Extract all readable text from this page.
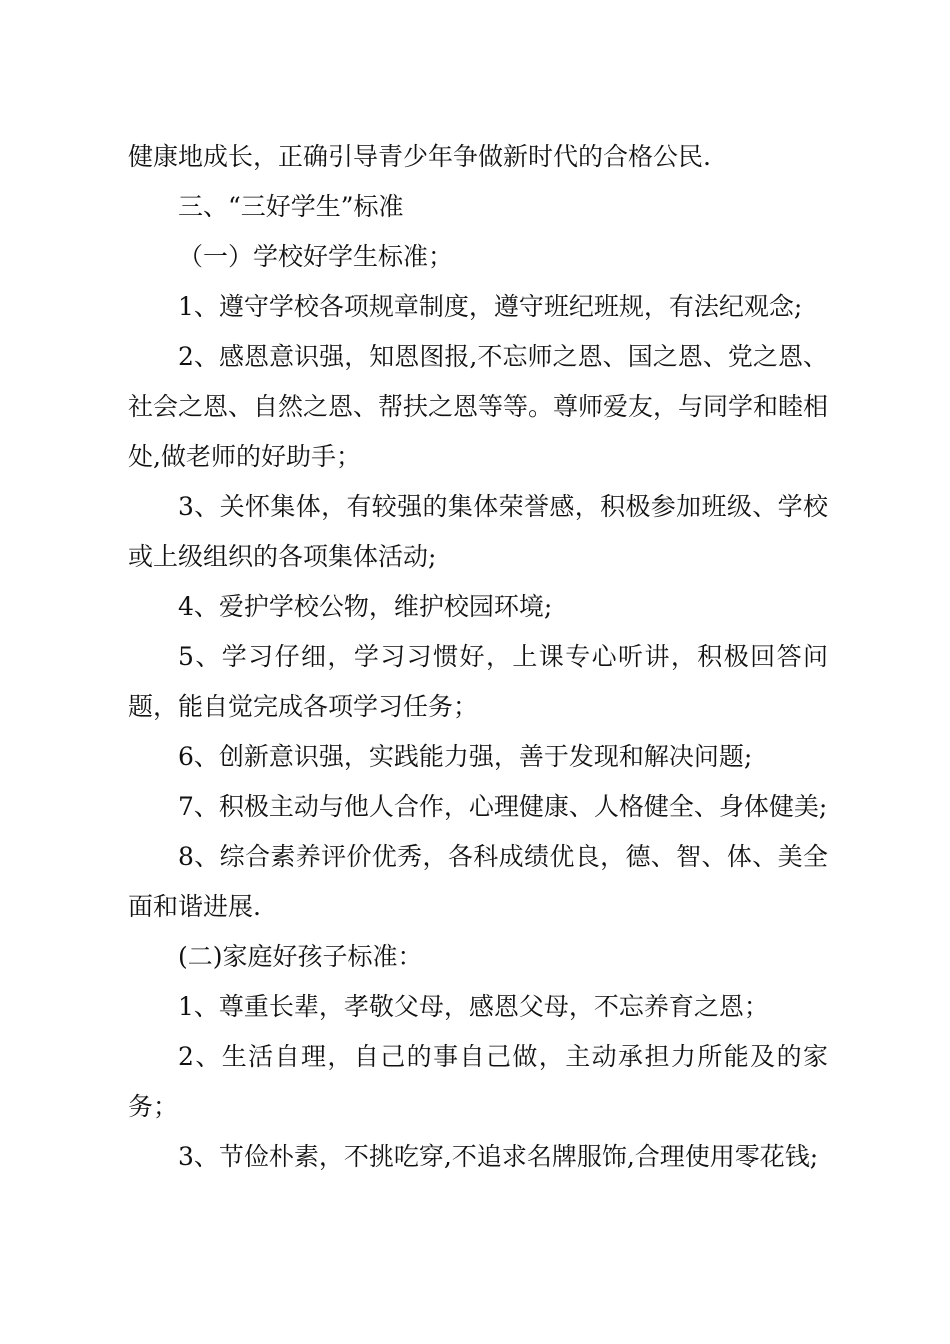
健康地成长，正确引导青少年争做新时代的合格公民.

三、“三好学生”标准

（一）学校好学生标准；

1、遵守学校各项规章制度，遵守班纪班规，有法纪观念;

2、感恩意识强，知恩图报,不忘师之恩、国之恩、党之恩、社会之恩、自然之恩、帮扶之恩等等。尊师爱友，与同学和睦相处,做老师的好助手；

3、关怀集体，有较强的集体荣誉感，积极参加班级、学校或上级组织的各项集体活动;

4、爱护学校公物，维护校园环境;

5、学习仔细，学习习惯好，上课专心听讲，积极回答问题，能自觉完成各项学习任务；

6、创新意识强，实践能力强，善于发现和解决问题;

7、积极主动与他人合作，心理健康、人格健全、身体健美;

8、综合素养评价优秀，各科成绩优良，德、智、体、美全面和谐进展.

(二)家庭好孩子标准：

1、尊重长辈，孝敬父母，感恩父母，不忘养育之恩；

2、生活自理，自己的事自己做，主动承担力所能及的家务；

3、节俭朴素，不挑吃穿,不追求名牌服饰,合理使用零花钱;
